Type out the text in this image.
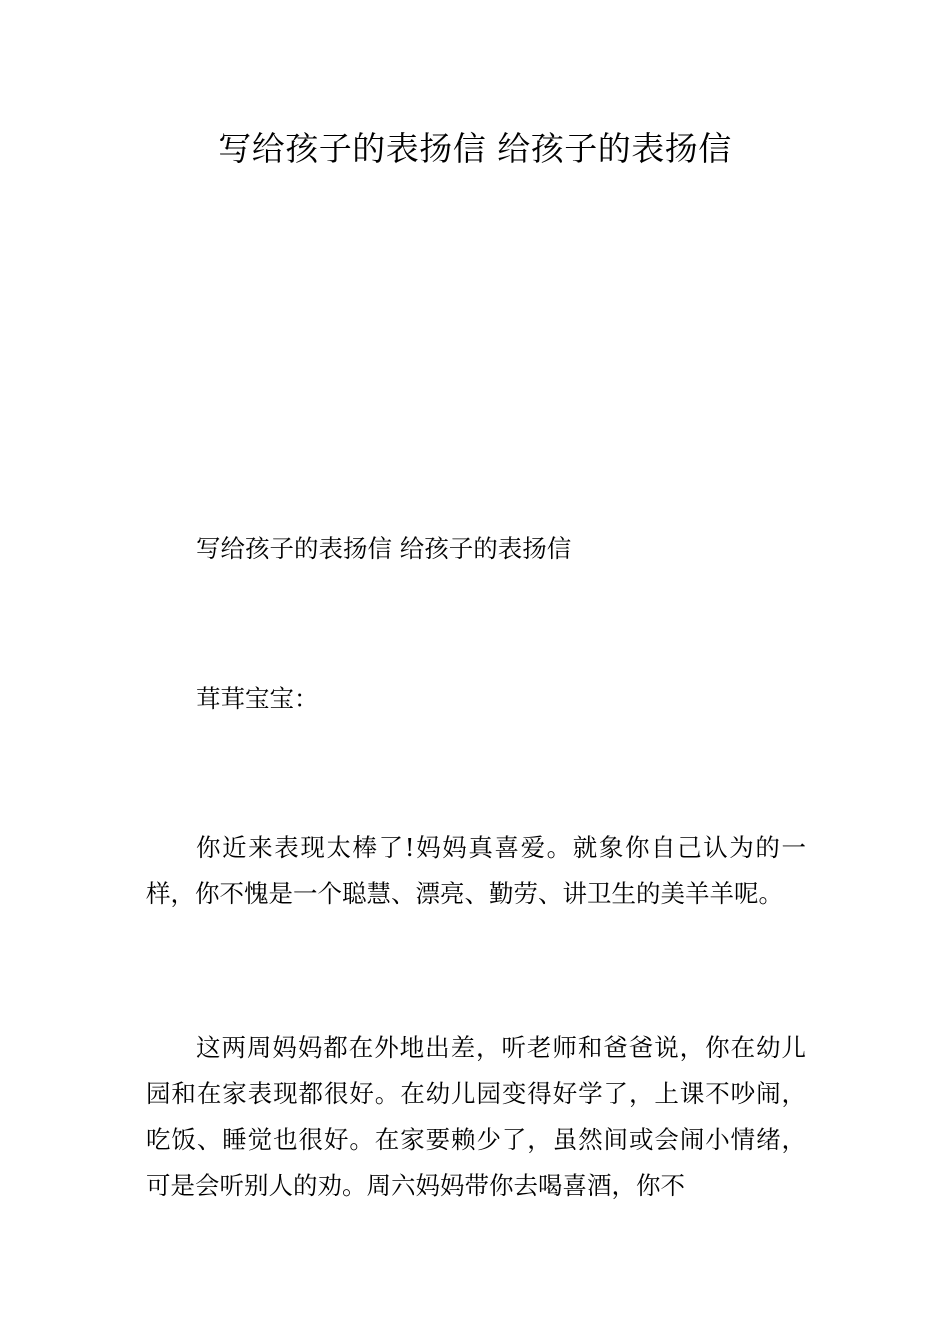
写给孩子的表扬信 给孩子的表扬信

写给孩子的表扬信 给孩子的表扬信

茸茸宝宝：

你近来表现太棒了!妈妈真喜爱。就象你自己认为的一样，你不愧是一个聪慧、漂亮、勤劳、讲卫生的美羊羊呢。

这两周妈妈都在外地出差，听老师和爸爸说，你在幼儿园和在家表现都很好。在幼儿园变得好学了，上课不吵闹，吃饭、睡觉也很好。在家要赖少了，虽然间或会闹小情绪，可是会听别人的劝。周六妈妈带你去喝喜酒，你不
